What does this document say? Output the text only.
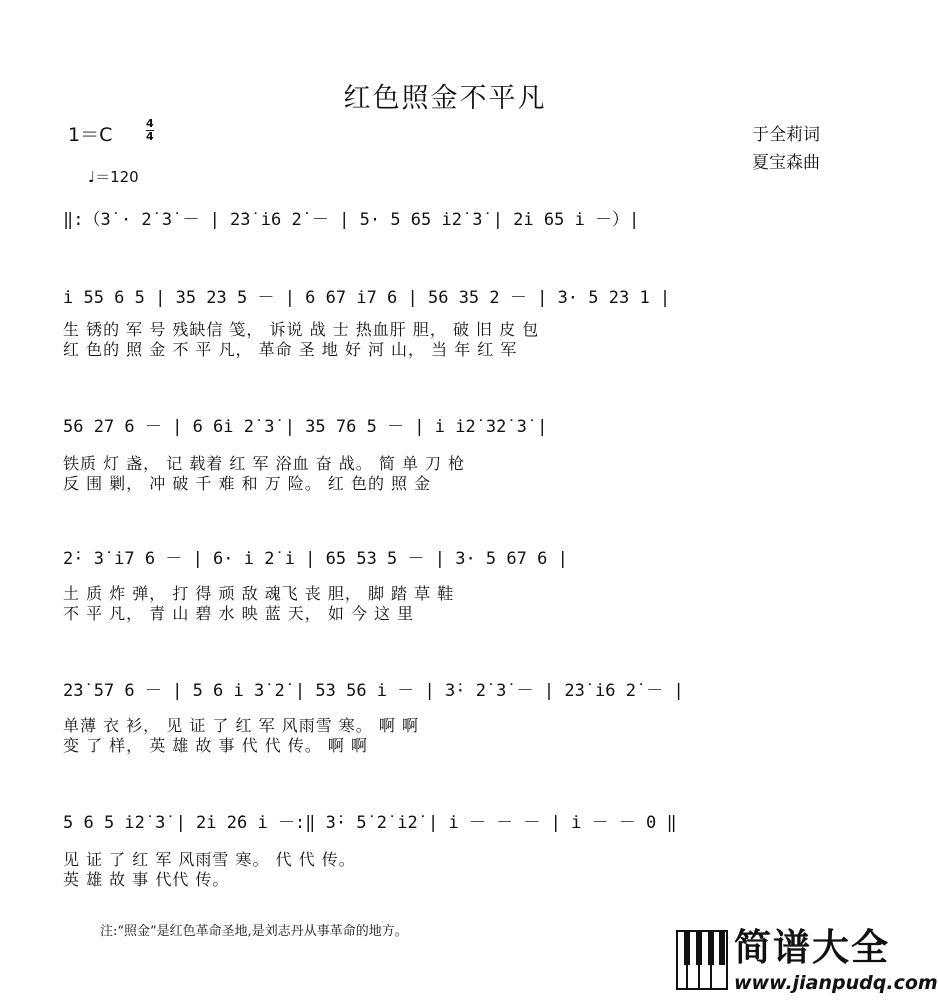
红色照金不平凡
1＝C
4
4
♩＝120
于全莉词
夏宝森曲
‖:（3̇ · 2̇ 3̇ － | 2̇3̇ i̇6 2̇ － | 5· 5 65 i̇2̇ 3̇ | 2̇i̇ 65 i̇ －）|
i̇ 55 6 5 | 35 23 5 － | 6 67 i̇7 6 | 56 35 2 － | 3· 5 23 1 |
生 锈的 军 号 残缺信 笺， 诉说 战 士 热血肝 胆， 破 旧 皮 包
红 色的 照 金 不 平 凡， 革命 圣 地 好 河 山， 当 年 红 军
56 27 6 － | 6 6i̇ 2̇ 3̇ | 35 76 5 － | i̇ i̇2̇ 3̇2̇ 3̇ |
铁质 灯 盏， 记 载着 红 军 浴血 奋 战。 简 单 刀 枪
反 围 剿， 冲 破 千 难 和 万 险。 红 色的 照 金
2̇· 3̇ i̇7 6 － | 6· i̇ 2̇ i̇ | 65 53 5 － | 3· 5 67 6 |
土 质 炸 弹， 打 得 顽 敌 魂飞 丧 胆， 脚 踏 草 鞋
不 平 凡， 青 山 碧 水 映 蓝 天， 如 今 这 里
2̇3̇ 57 6 － | 5 6 i̇ 3̇ 2̇ | 53 56 i̇ － | 3̇· 2̇ 3̇ － | 2̇3̇ i̇6 2̇ － |
单薄 衣 衫， 见 证 了 红 军 风雨雪 寒。 啊 啊
变 了 样， 英 雄 故 事 代 代 传。 啊 啊
5 6 5 i̇2̇ 3̇ | 2̇i̇ 2̇6 i̇ －:‖ 3̇· 5̇ 2̇ i̇2̇ | i̇ － － － | i̇ － － 0 ‖
见 证 了 红 军 风雨雪 寒。 代 代 传。
英 雄 故 事 代代 传。
注:“照金”是红色革命圣地,是刘志丹从事革命的地方。	简谱大全
www.jianpudq.com
